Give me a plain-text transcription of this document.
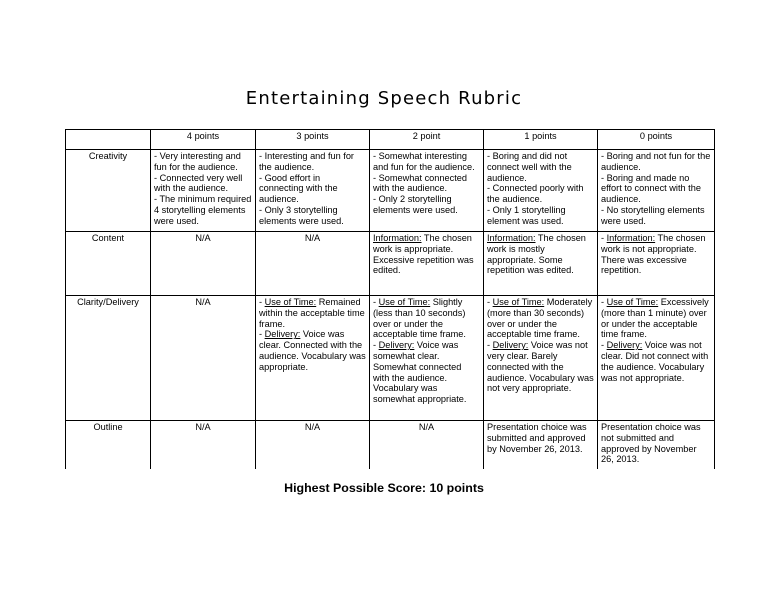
Entertaining Speech Rubric
	4 points	3 points	2 point	1 points	0 points
Creativity	- Very interesting and fun for the audience.
- Connected very well with the audience.
- The minimum required 4 storytelling elements were used.	- Interesting and fun for the audience.
- Good effort in connecting with the audience.
- Only 3 storytelling elements were used.	- Somewhat interesting and fun for the audience.
- Somewhat connected with the audience.
- Only 2 storytelling elements were used.	- Boring and did not connect well with the audience.
- Connected poorly with the audience.
- Only 1 storytelling element was used.	- Boring and not fun for the audience.
- Boring and made no effort to connect with the audience.
- No storytelling elements were used.
Content	N/A	N/A	Information: The chosen work is appropriate. Excessive repetition was edited.	Information: The chosen work is mostly appropriate. Some repetition was edited.	- Information: The chosen work is not appropriate. There was excessive repetition.
Clarity/Delivery	N/A	- Use of Time: Remained within the acceptable time frame.
- Delivery: Voice was clear. Connected with the audience. Vocabulary was appropriate.	- Use of Time: Slightly (less than 10 seconds) over or under the acceptable time frame.
- Delivery: Voice was somewhat clear. Somewhat connected with the audience. Vocabulary was somewhat appropriate.	- Use of Time: Moderately (more than 30 seconds) over or under the acceptable time frame.
- Delivery: Voice was not very clear. Barely connected with the audience. Vocabulary was not very appropriate.	- Use of Time: Excessively (more than 1 minute) over or under the acceptable time frame.
- Delivery: Voice was not clear. Did not connect with the audience. Vocabulary was not appropriate.

Outline	N/A	N/A	N/A	Presentation choice was submitted and approved by November 26, 2013.	Presentation choice was not submitted and approved by November 26, 2013.
Highest Possible Score: 10 points
